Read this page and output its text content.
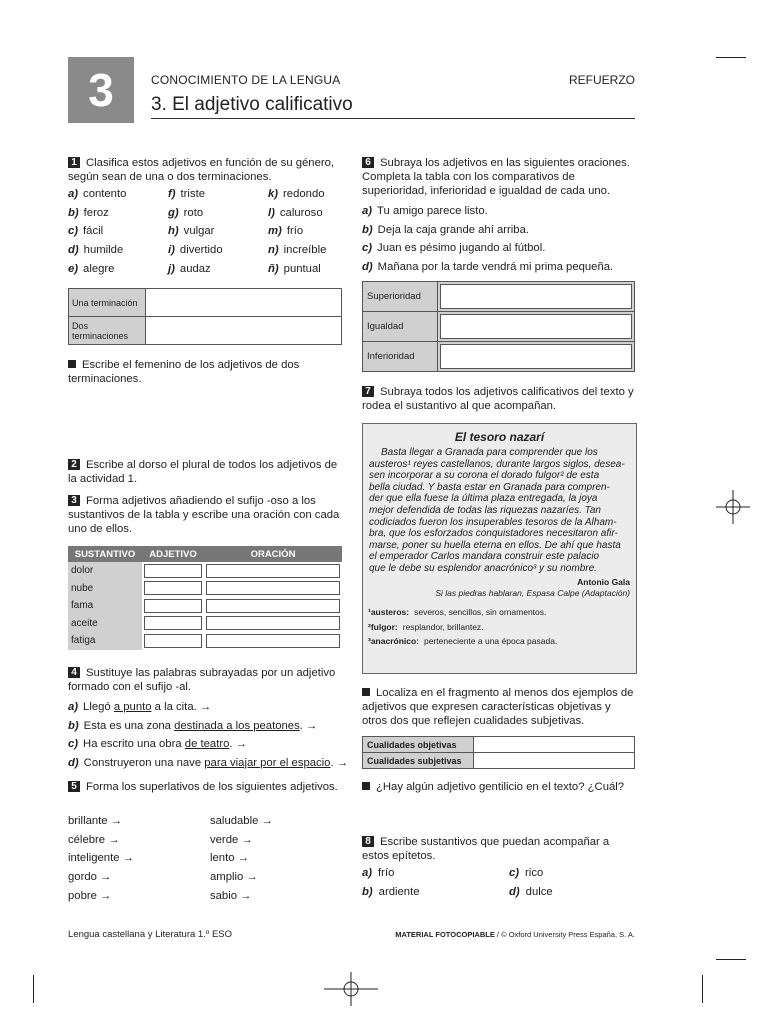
3	CONOCIMIENTO DE LA LENGUA	REFUERZO
3. El adjetivo calificativo
1 Clasifica estos adjetivos en función de su género, según sean de una o dos terminaciones.
a) contento	f) triste	k) redondo
b) feroz	g) roto	l) caluroso
c) fácil	h) vulgar	m) frío
d) humilde	i) divertido	n) increíble
e) alegre	j) audaz	ñ) puntual
Una terminación	
Dos terminaciones	
Escribe el femenino de los adjetivos de dos terminaciones.
2 Escribe al dorso el plural de todos los adjetivos de la actividad 1.
3 Forma adjetivos añadiendo el sufijo -oso a los sustantivos de la tabla y escribe una oración con cada uno de ellos.
SUSTANTIVO	ADJETIVO	ORACIÓN
dolor	

nube	

fama	

aceite	

fatiga	

4 Sustituye las palabras subrayadas por un adjetivo formado con el sufijo -al.
a) Llegó a punto a la cita. →
b) Esta es una zona destinada a los peatones. →
c) Ha escrito una obra de teatro. →
d) Construyeron una nave para viajar por el espacio. →
5 Forma los superlativos de los siguientes adjetivos.
brillante →
célebre →
inteligente →
gordo →
pobre →
saludable →
verde →
lento →
amplio →
sabio →
6 Subraya los adjetivos en las siguientes oraciones. Completa la tabla con los comparativos de superioridad, inferioridad e igualdad de cada uno.
a) Tu amigo parece listo.
b) Deja la caja grande ahí arriba.
c) Juan es pésimo jugando al fútbol.
d) Mañana por la tarde vendrá mi prima pequeña.
Superioridad	

Igualdad	

Inferioridad	
7 Subraya todos los adjetivos calificativos del texto y rodea el sustantivo al que acompañan.
El tesoro nazarí
Basta llegar a Granada para comprender que los
austeros¹ reyes castellanos, durante largos siglos, desea-
sen incorporar a su corona el dorado fulgor² de esta
bella ciudad. Y basta estar en Granada para compren-
der que ella fuese la última plaza entregada, la joya
mejor defendida de todas las riquezas nazaríes. Tan
codiciados fueron los insuperables tesoros de la Alham-
bra, que los esforzados conquistadores necesitaron afir-
marse, poner su huella eterna en ellos. De ahí que hasta
el emperador Carlos mandara construir este palacio
que le debe su esplendor anacrónico³ y su nombre.
Antonio Gala
Si las piedras hablaran, Espasa Calpe (Adaptación)
¹austeros: severos, sencillos, sin ornamentos.
²fulgor: resplandor, brillantez.
³anacrónico: perteneciente a una época pasada.
Localiza en el fragmento al menos dos ejemplos de adjetivos que expresen características objetivas y otros dos que reflejen cualidades subjetivas.
Cualidades objetivas	
Cualidades subjetivas	
¿Hay algún adjetivo gentilicio en el texto? ¿Cuál?
8 Escribe sustantivos que puedan acompañar a estos epítetos.
a) frío	c) rico
b) ardiente	d) dulce
Lengua castellana y Literatura 1.º ESO	MATERIAL FOTOCOPIABLE / © Oxford University Press España, S. A.
